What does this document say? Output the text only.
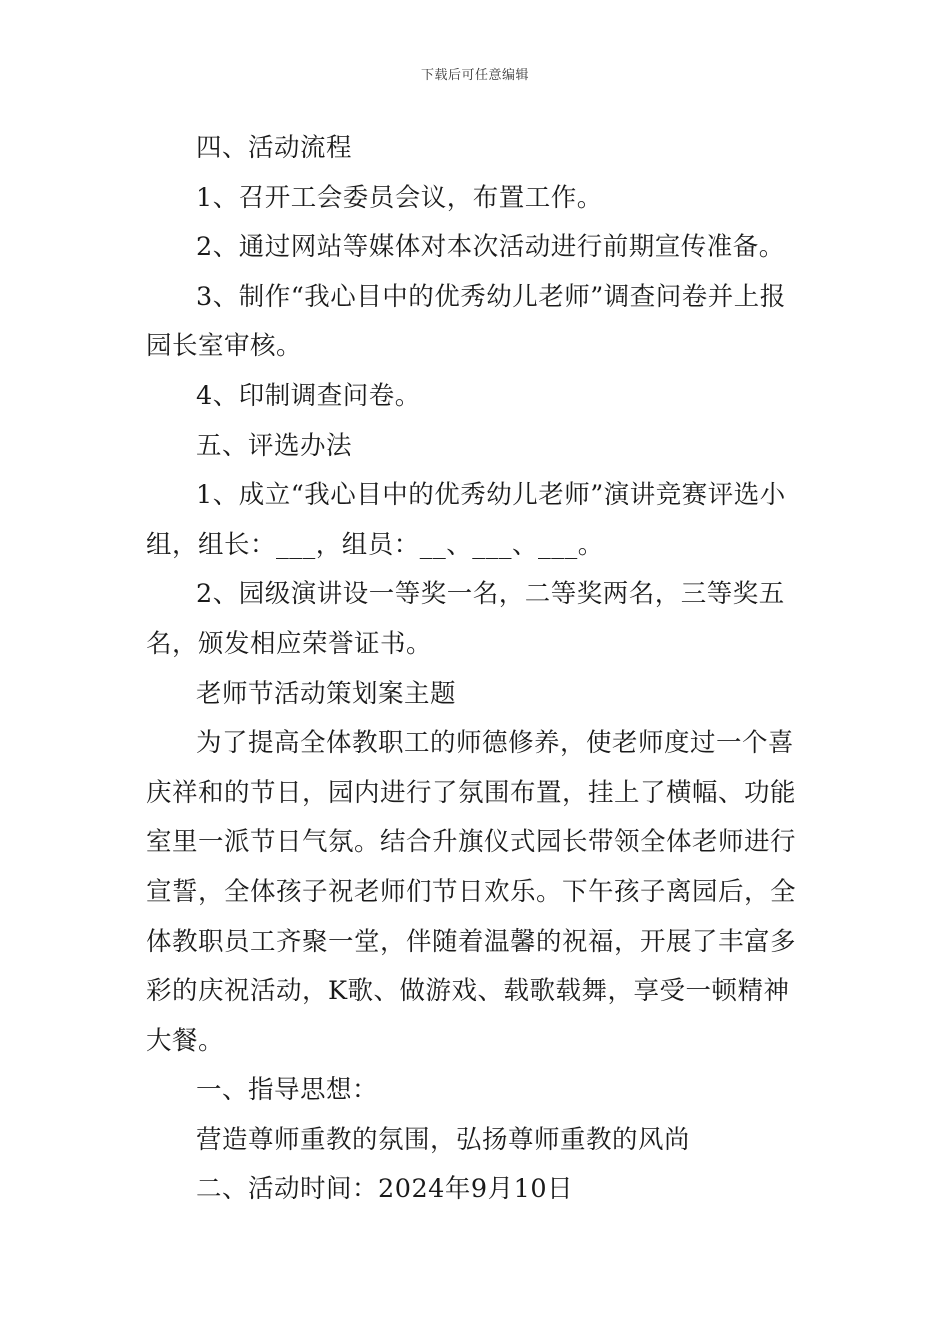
下载后可任意编辑

四、活动流程

1、召开工会委员会议，布置工作。

2、通过网站等媒体对本次活动进行前期宣传准备。

3、制作“我心目中的优秀幼儿老师”调查问卷并上报园长室审核。

4、印制调查问卷。

五、评选办法

1、成立“我心目中的优秀幼儿老师”演讲竞赛评选小组，组长：___，组员：__、___、___。

2、园级演讲设一等奖一名，二等奖两名，三等奖五名，颁发相应荣誉证书。

老师节活动策划案主题

为了提高全体教职工的师德修养，使老师度过一个喜庆祥和的节日，园内进行了氛围布置，挂上了横幅、功能室里一派节日气氛。结合升旗仪式园长带领全体老师进行宣誓，全体孩子祝老师们节日欢乐。下午孩子离园后，全体教职员工齐聚一堂，伴随着温馨的祝福，开展了丰富多彩的庆祝活动，K歌、做游戏、载歌载舞，享受一顿精神大餐。

一、指导思想：

营造尊师重教的氛围，弘扬尊师重教的风尚

二、活动时间：2024年9月10日
